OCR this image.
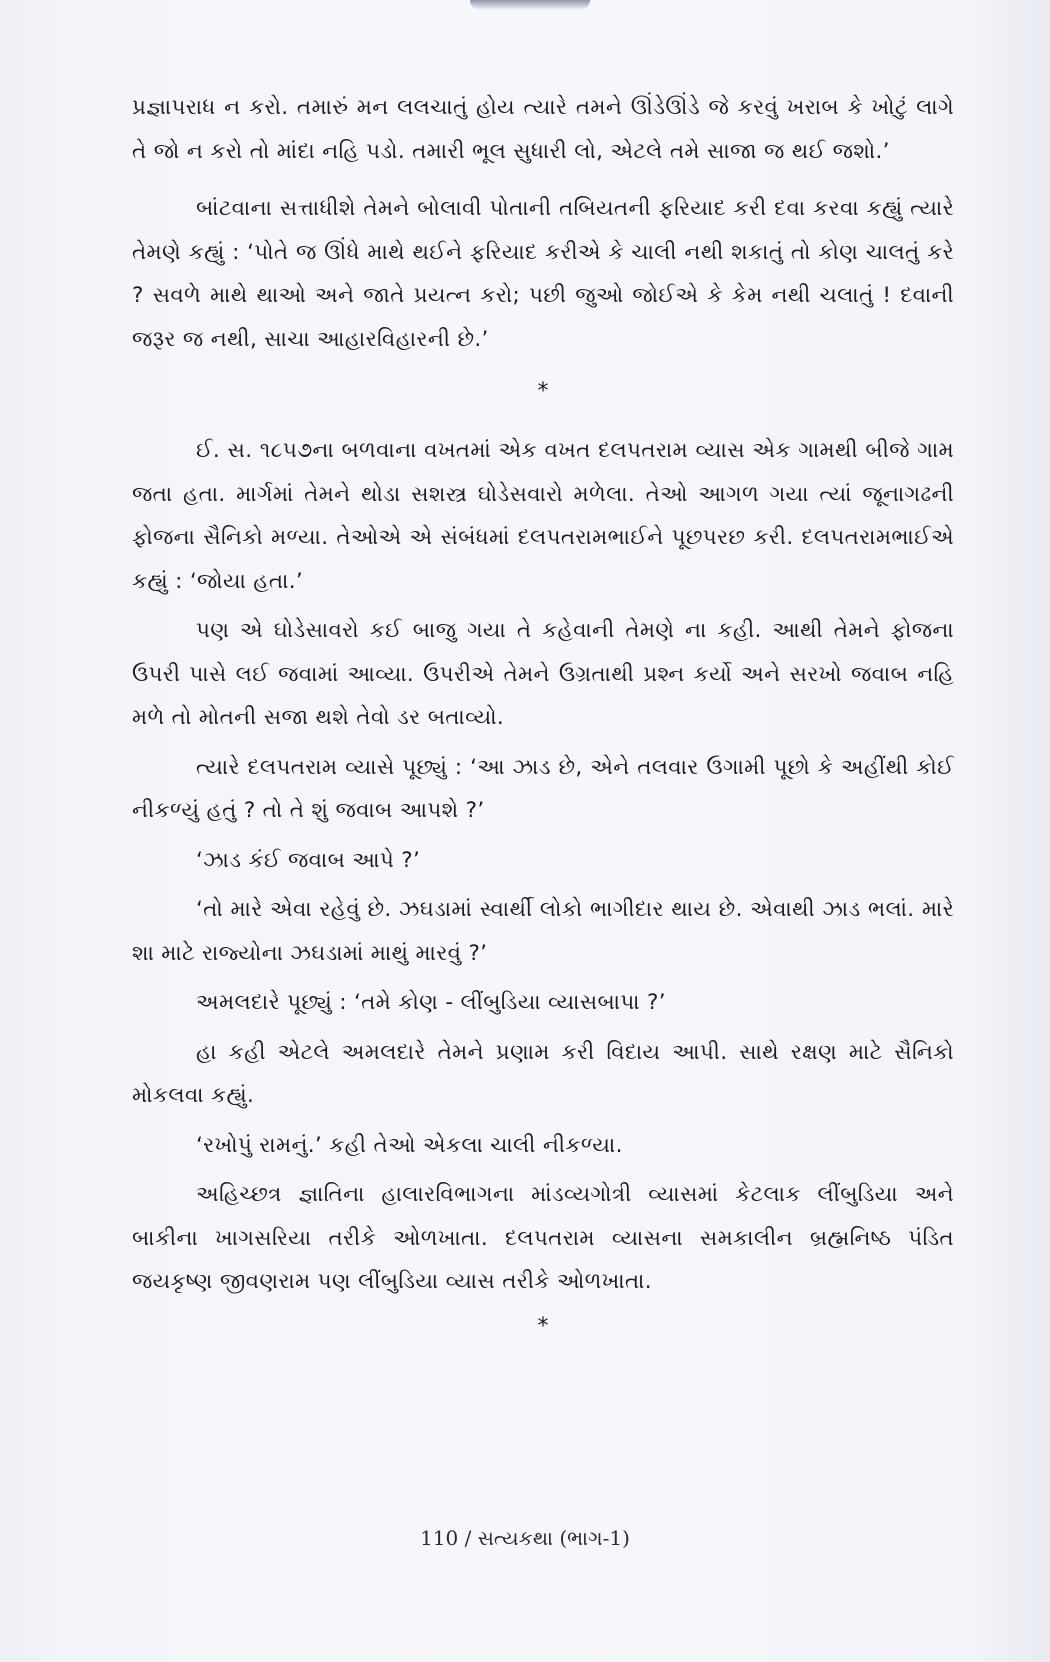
પ્રજ્ઞાપરાધ ન કરો. તમારું મન લલચાતું હોય ત્યારે તમને ઊંડેઊંડે જે કરવું ખરાબ કે ખોટું લાગે તે જો ન કરો તો માંદા નહિ પડો. તમારી ભૂલ સુધારી લો, એટલે તમે સાજા જ થઈ જશો.’

બાંટવાના સત્તાધીશે તેમને બોલાવી પોતાની તબિયતની ફરિયાદ કરી દવા કરવા કહ્યું ત્યારે તેમણે કહ્યું : ‘પોતે જ ઊંધે માથે થઈને ફરિયાદ કરીએ કે ચાલી નથી શકાતું તો કોણ ચાલતું કરે ? સવળે માથે થાઓ અને જાતે પ્રયત્ન કરો; પછી જુઓ જોઈએ કે કેમ નથી ચલાતું ! દવાની જરૂર જ નથી, સાચા આહારવિહારની છે.’

*

ઈ. સ. ૧૮૫૭ના બળવાના વખતમાં એક વખત દલપતરામ વ્યાસ એક ગામથી બીજે ગામ જતા હતા. માર્ગમાં તેમને થોડા સશસ્ત્ર ઘોડેસવારો મળેલા. તેઓ આગળ ગયા ત્યાં જૂનાગઢની ફોજના સૈનિકો મળ્યા. તેઓએ એ સંબંધમાં દલપતરામભાઈને પૂછપરછ કરી. દલપતરામભાઈએ કહ્યું : ‘જોયા હતા.’

પણ એ ઘોડેસાવરો કઈ બાજુ ગયા તે કહેવાની તેમણે ના કહી. આથી તેમને ફોજના ઉપરી પાસે લઈ જવામાં આવ્યા. ઉપરીએ તેમને ઉગ્રતાથી પ્રશ્ન કર્યો અને સરખો જવાબ નહિ મળે તો મોતની સજા થશે તેવો ડર બતાવ્યો.

ત્યારે દલપતરામ વ્યાસે પૂછ્યું : ‘આ ઝાડ છે, એને તલવાર ઉગામી પૂછો કે અહીંથી કોઈ નીકળ્યું હતું ? તો તે શું જવાબ આપશે ?’

‘ઝાડ કંઈ જવાબ આપે ?’

‘તો મારે એવા રહેવું છે. ઝઘડામાં સ્વાર્થી લોકો ભાગીદાર થાય છે. એવાથી ઝાડ ભલાં. મારે શા માટે રાજ્યોના ઝઘડામાં માથું મારવું ?’

અમલદારે પૂછ્યું : ‘તમે કોણ - લીંબુડિયા વ્યાસબાપા ?’

હા કહી એટલે અમલદારે તેમને પ્રણામ કરી વિદાય આપી. સાથે રક્ષણ માટે સૈનિકો મોકલવા કહ્યું.

‘રખોપું રામનું.’ કહી તેઓ એકલા ચાલી નીકળ્યા.

અહિચ્છત્ર જ્ઞાતિના હાલારવિભાગના માંડવ્યગોત્રી વ્યાસમાં કેટલાક લીંબુડિયા અને બાકીના ખાગસરિયા તરીકે ઓળખાતા. દલપતરામ વ્યાસના સમકાલીન બ્રહ્મનિષ્ઠ પંડિત જયકૃષ્ણ જીવણરામ પણ લીંબુડિયા વ્યાસ તરીકે ઓળખાતા.

*
110 / સત્યકથા (ભાગ-1)
